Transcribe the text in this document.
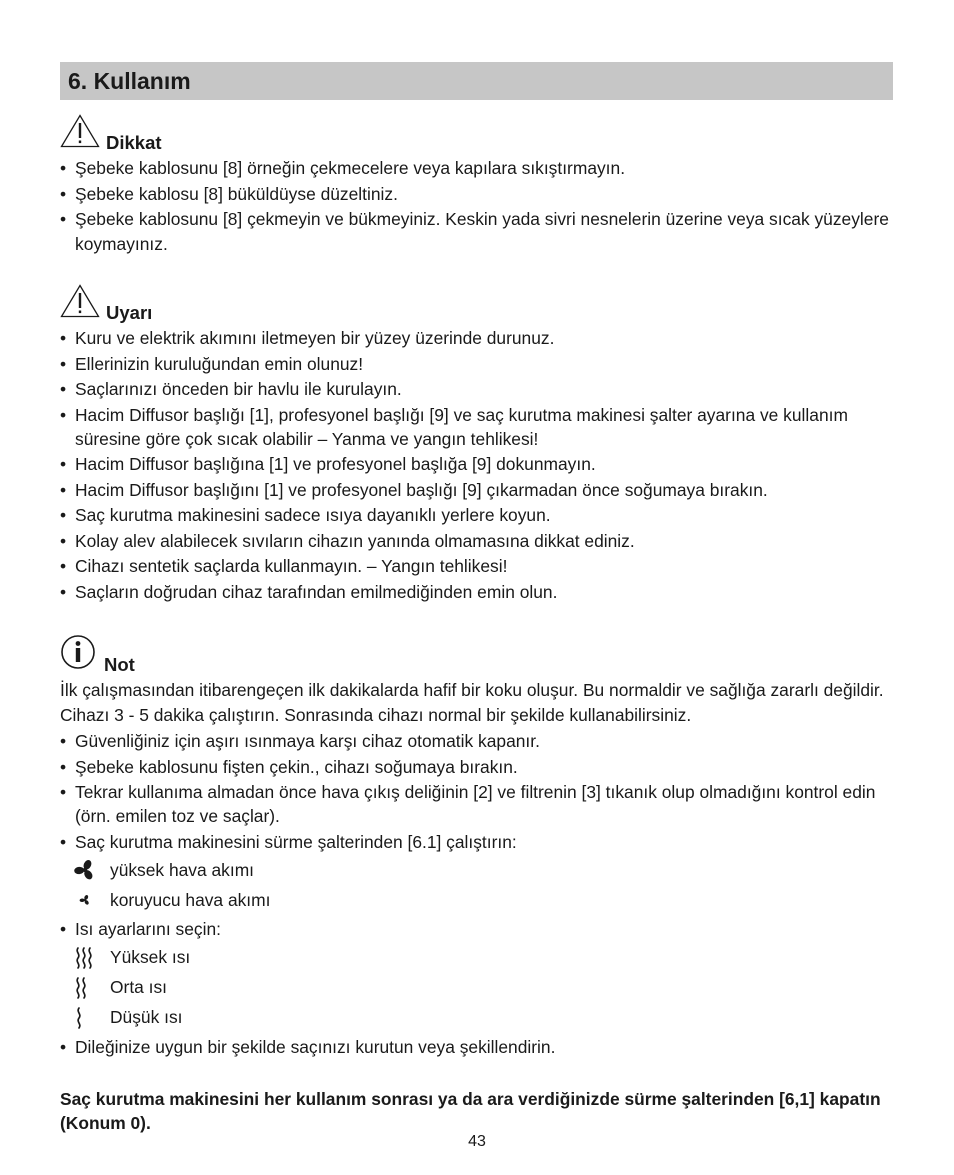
6. Kullanım
Dikkat
• Şebeke kablosunu [8] örneğin çekmecelere veya kapılara sıkıştırmayın.
• Şebeke kablosu [8] büküldüyse düzeltiniz.
• Şebeke kablosunu [8] çekmeyin ve bükmeyiniz. Keskin yada sivri nesnelerin üzerine veya sıcak yüzeylere koymayınız.
Uyarı
• Kuru ve elektrik akımını iletmeyen bir yüzey üzerinde durunuz.
• Ellerinizin kuruluğundan emin olunuz!
• Saçlarınızı önceden bir havlu ile kurulayın.
• Hacim Diffusor başlığı [1], profesyonel başlığı [9] ve saç kurutma makinesi şalter ayarına ve kullanım süresine göre çok sıcak olabilir – Yanma ve yangın tehlikesi!
• Hacim Diffusor başlığına [1] ve profesyonel başlığa [9] dokunmayın.
• Hacim Diffusor başlığını [1] ve profesyonel başlığı [9] çıkarmadan önce soğumaya bırakın.
• Saç kurutma makinesini sadece ısıya dayanıklı yerlere koyun.
• Kolay alev alabilecek sıvıların cihazın yanında olmamasına dikkat ediniz.
• Cihazı sentetik saçlarda kullanmayın. – Yangın tehlikesi!
• Saçların doğrudan cihaz tarafından emilmediğinden emin olun.
Not

İlk çalışmasından itibarengeçen ilk dakikalarda hafif bir koku oluşur. Bu normaldir ve sağlığa zararlı değildir. Cihazı 3 - 5 dakika çalıştırın. Sonrasında cihazı normal bir şekilde kullanabilirsiniz.

• Güvenliğiniz için aşırı ısınmaya karşı cihaz otomatik kapanır.
• Şebeke kablosunu fişten çekin., cihazı soğumaya bırakın.
• Tekrar kullanıma almadan önce hava çıkış deliğinin [2] ve filtrenin [3] tıkanık olup olmadığını kontrol edin (örn. emilen toz ve saçlar).
• Saç kurutma makinesini sürme şalterinden [6.1] çalıştırın:
yüksek hava akımı
koruyucu hava akımı
• Isı ayarlarını seçin:
Yüksek ısı
Orta ısı
Düşük ısı
• Dileğinize uygun bir şekilde saçınızı kurutun veya şekillendirin.

Saç kurutma makinesini her kullanım sonrası ya da ara verdiğinizde sürme şalterinden [6,1] kapatın (Konum 0).

43
